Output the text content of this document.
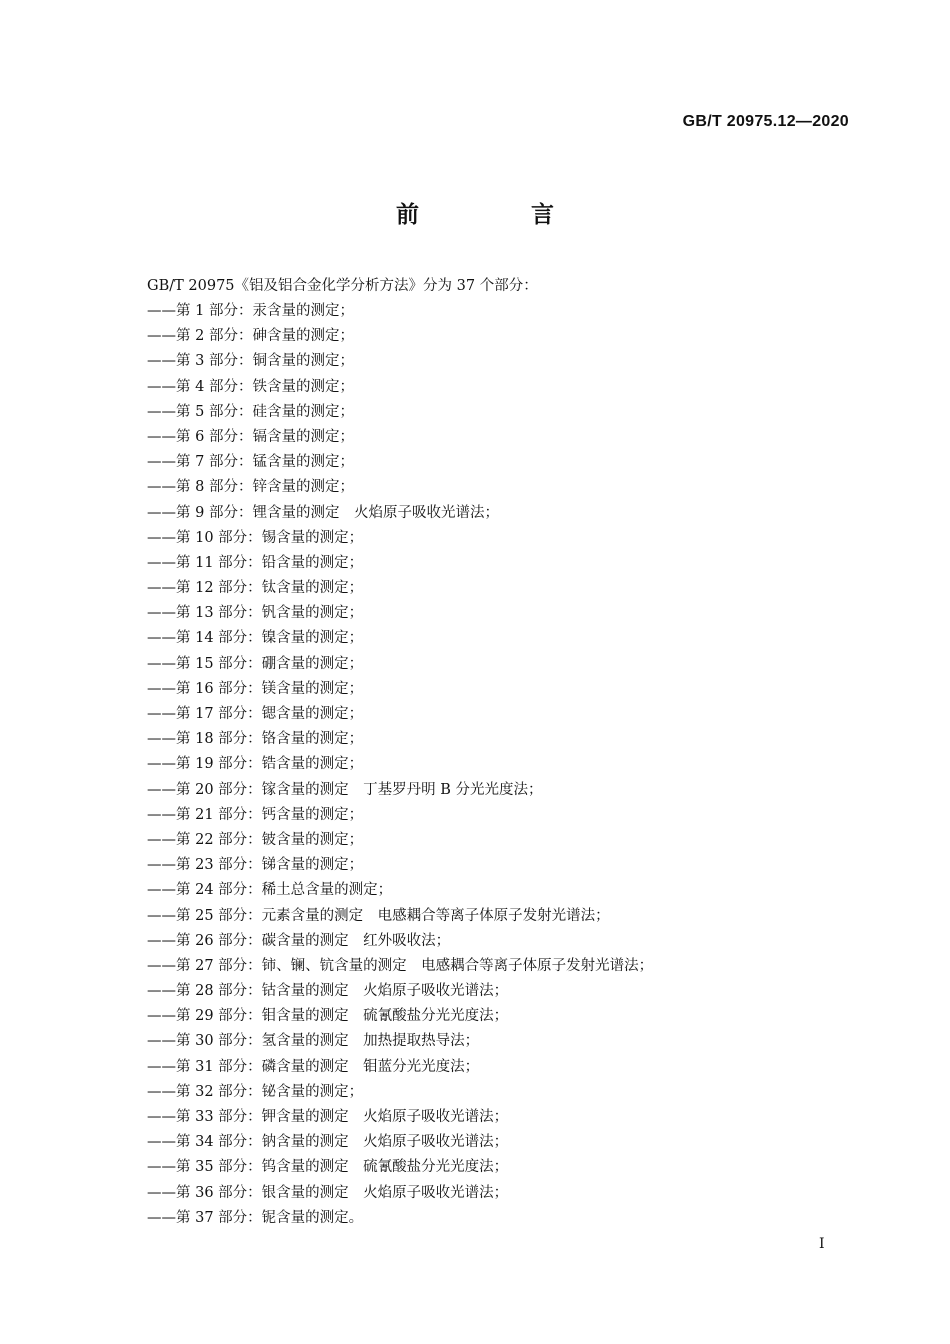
GB/T 20975.12—2020
前 言
GB/T 20975《铝及铝合金化学分析方法》分为 37 个部分：
——第 1 部分：汞含量的测定；
——第 2 部分：砷含量的测定；
——第 3 部分：铜含量的测定；
——第 4 部分：铁含量的测定；
——第 5 部分：硅含量的测定；
——第 6 部分：镉含量的测定；
——第 7 部分：锰含量的测定；
——第 8 部分：锌含量的测定；
——第 9 部分：锂含量的测定　火焰原子吸收光谱法；
——第 10 部分：锡含量的测定；
——第 11 部分：铅含量的测定；
——第 12 部分：钛含量的测定；
——第 13 部分：钒含量的测定；
——第 14 部分：镍含量的测定；
——第 15 部分：硼含量的测定；
——第 16 部分：镁含量的测定；
——第 17 部分：锶含量的测定；
——第 18 部分：铬含量的测定；
——第 19 部分：锆含量的测定；
——第 20 部分：镓含量的测定　丁基罗丹明 B 分光光度法；
——第 21 部分：钙含量的测定；
——第 22 部分：铍含量的测定；
——第 23 部分：锑含量的测定；
——第 24 部分：稀土总含量的测定；
——第 25 部分：元素含量的测定　电感耦合等离子体原子发射光谱法；
——第 26 部分：碳含量的测定　红外吸收法；
——第 27 部分：铈、镧、钪含量的测定　电感耦合等离子体原子发射光谱法；
——第 28 部分：钴含量的测定　火焰原子吸收光谱法；
——第 29 部分：钼含量的测定　硫氰酸盐分光光度法；
——第 30 部分：氢含量的测定　加热提取热导法；
——第 31 部分：磷含量的测定　钼蓝分光光度法；
——第 32 部分：铋含量的测定；
——第 33 部分：钾含量的测定　火焰原子吸收光谱法；
——第 34 部分：钠含量的测定　火焰原子吸收光谱法；
——第 35 部分：钨含量的测定　硫氰酸盐分光光度法；
——第 36 部分：银含量的测定　火焰原子吸收光谱法；
——第 37 部分：铌含量的测定。
I
